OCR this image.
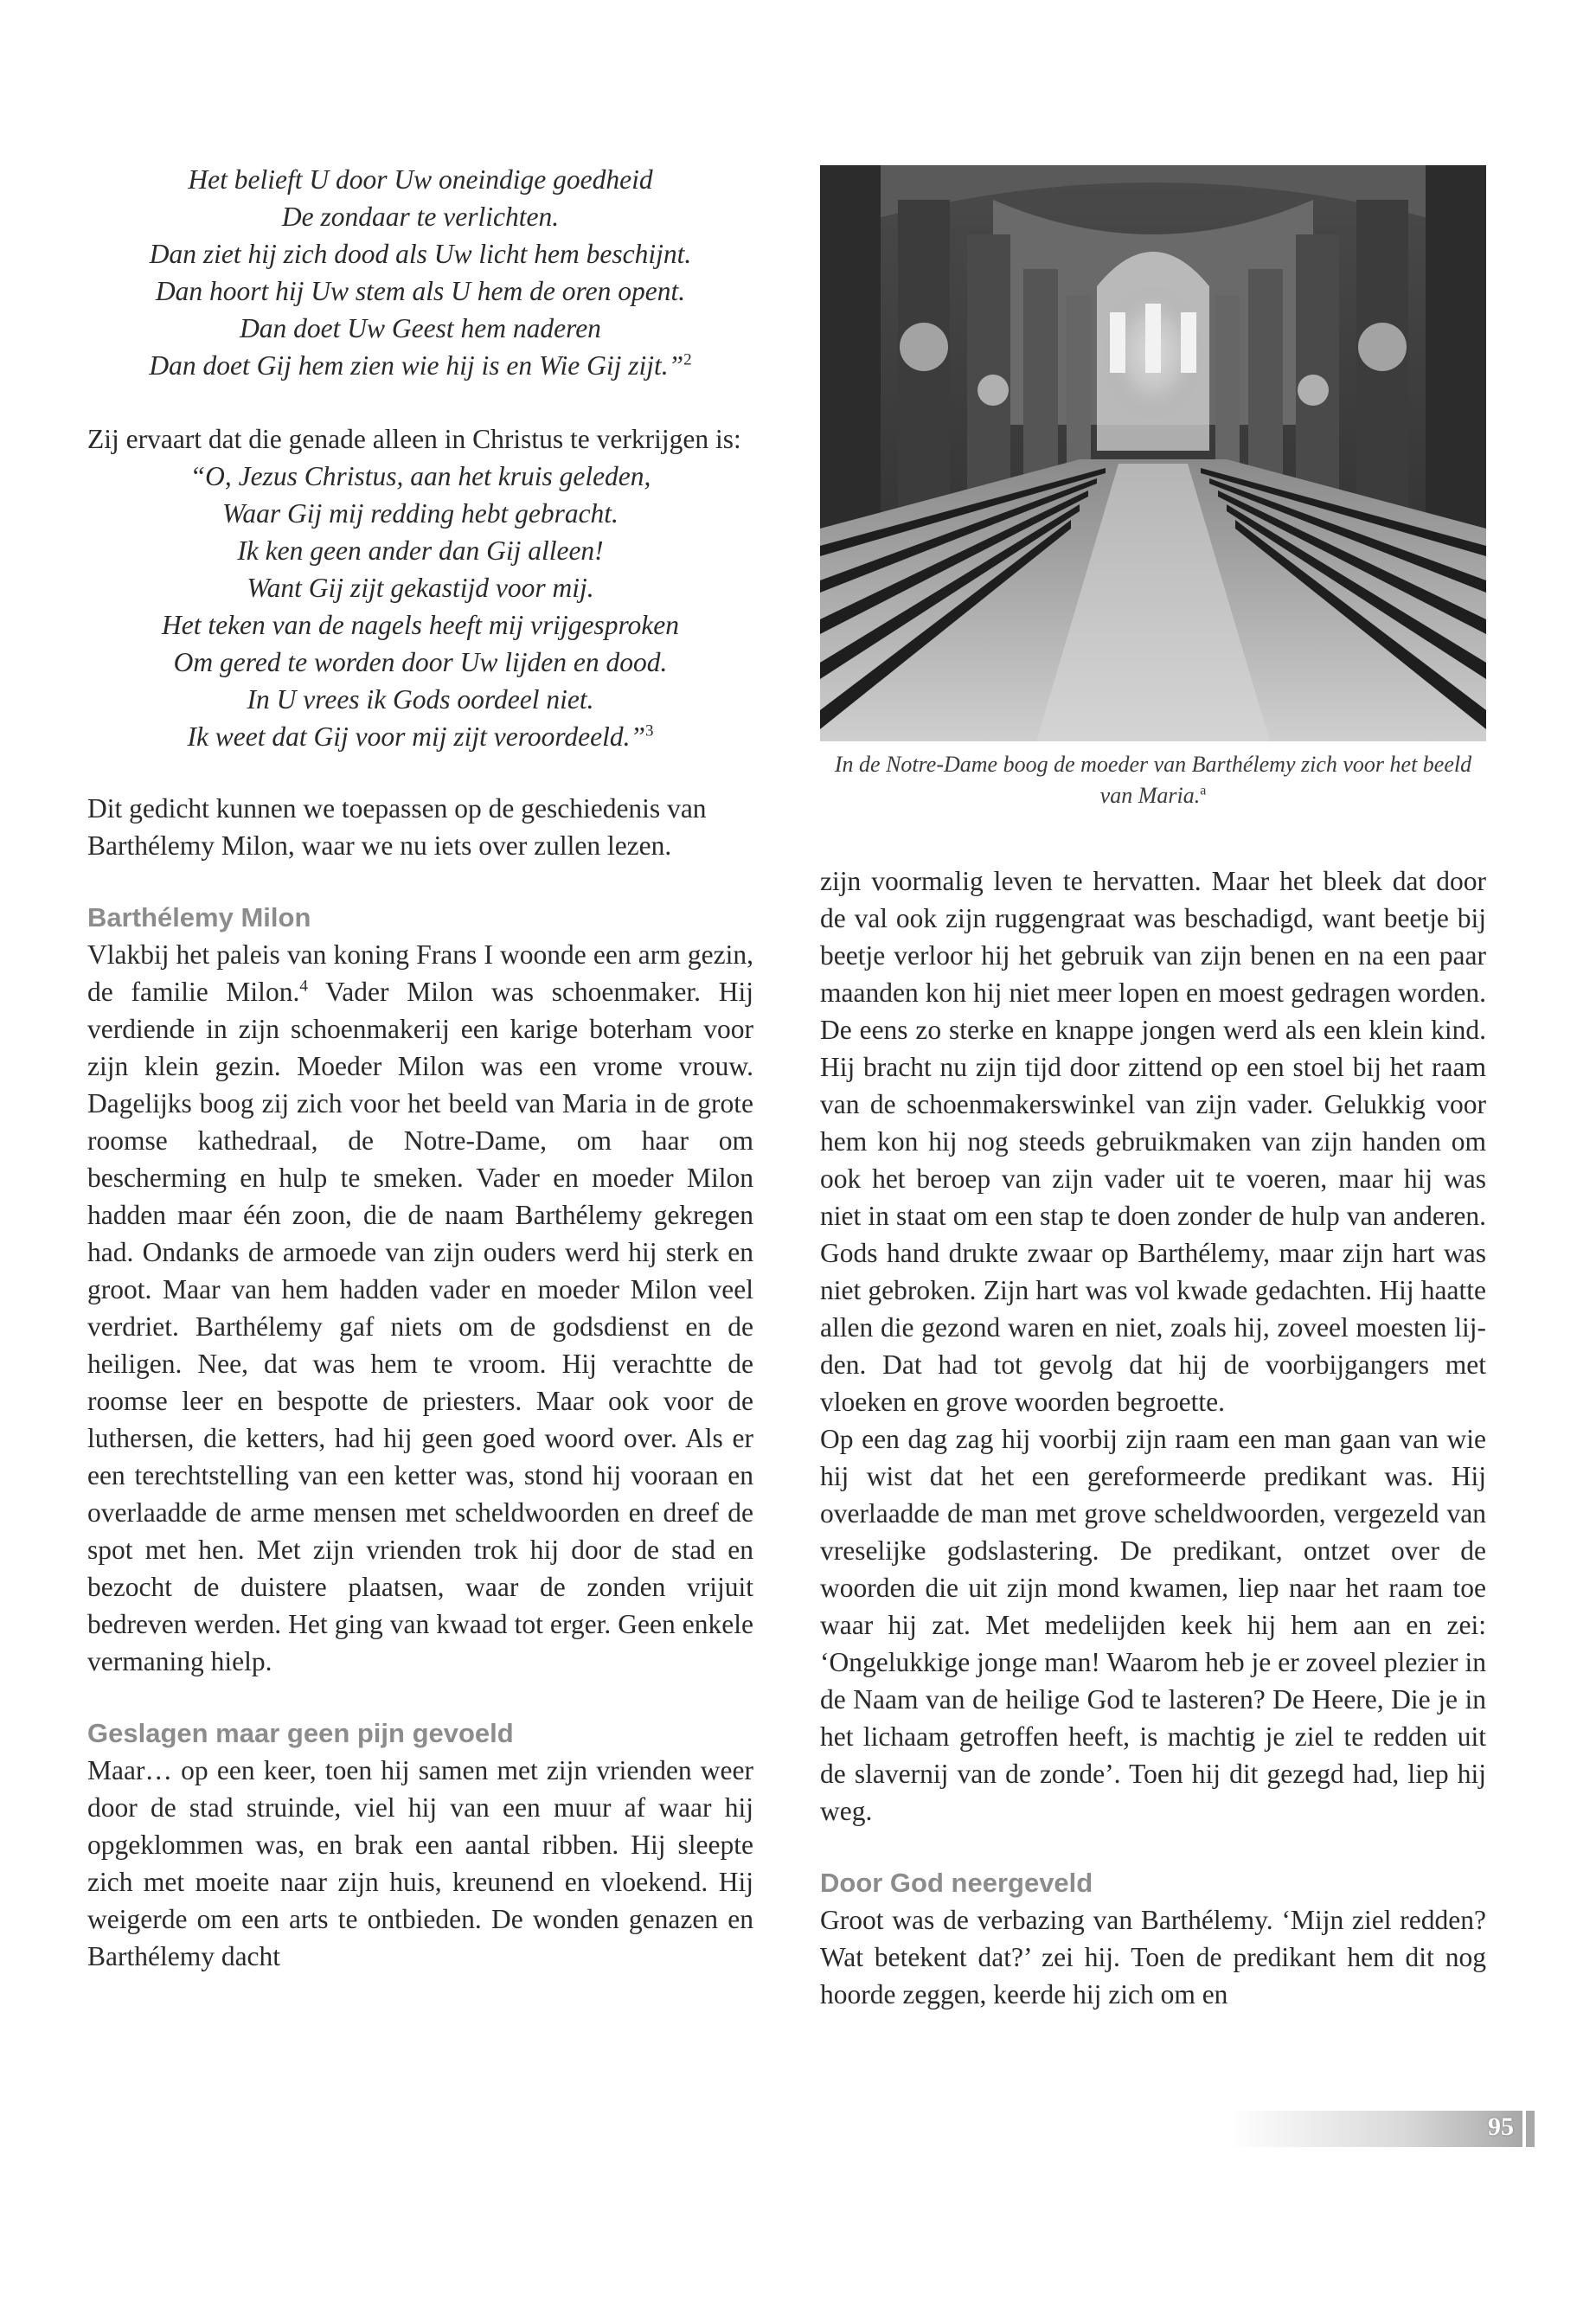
Het belieft U door Uw oneindige goedheid
De zondaar te verlichten.
Dan ziet hij zich dood als Uw licht hem beschijnt.
Dan hoort hij Uw stem als U hem de oren opent.
Dan doet Uw Geest hem naderen
Dan doet Gij hem zien wie hij is en Wie Gij zijt.”$^2$

Zij ervaart dat die genade alleen in Christus te verkrijgen is:

“O, Jezus Christus, aan het kruis geleden,
Waar Gij mij redding hebt gebracht.
Ik ken geen ander dan Gij alleen!
Want Gij zijt gekastijd voor mij.
Het teken van de nagels heeft mij vrijgesproken
Om gered te worden door Uw lijden en dood.
In U vrees ik Gods oordeel niet.
Ik weet dat Gij voor mij zijt veroordeeld.”$^3$

Dit gedicht kunnen we toepassen op de geschiedenis van Barthélemy Milon, waar we nu iets over zullen lezen.

Barthélemy Milon

Vlakbij het paleis van koning Frans I woonde een arm gezin, de familie Milon.$^4$ Vader Milon was schoenmaker. Hij verdiende in zijn schoenmakerij een karige boterham voor zijn klein gezin. Moeder Milon was een vrome vrouw. Dagelijks boog zij zich voor het beeld van Maria in de grote roomse kathedraal, de Notre-Dame, om haar om bescherming en hulp te smeken. Vader en moeder Milon hadden maar één zoon, die de naam Barthélemy gekregen had. Ondanks de armoede van zijn ouders werd hij sterk en groot. Maar van hem hadden vader en moeder Milon veel verdriet. Barthélemy gaf niets om de godsdienst en de heiligen. Nee, dat was hem te vroom. Hij verachtte de roomse leer en bespotte de priesters. Maar ook voor de luthersen, die ketters, had hij geen goed woord over. Als er een terechtstelling van een ketter was, stond hij vooraan en overlaadde de arme mensen met scheldwoorden en dreef de spot met hen. Met zijn vrienden trok hij door de stad en bezocht de duistere plaatsen, waar de zonden vrijuit bedreven werden. Het ging van kwaad tot erger. Geen enkele vermaning hielp.

Geslagen maar geen pijn gevoeld

Maar… op een keer, toen hij samen met zijn vrienden weer door de stad struinde, viel hij van een muur af waar hij opgeklommen was, en brak een aantal ribben. Hij sleepte zich met moeite naar zijn huis, kreunend en vloekend. Hij weigerde om een arts te ontbieden. De wonden genazen en Barthélemy dacht

In de Notre-Dame boog de moeder van Barthélemy zich voor het beeld van Maria.$^a$

zijn voormalig leven te hervatten. Maar het bleek dat door de val ook zijn ruggengraat was beschadigd, want beetje bij beetje verloor hij het gebruik van zijn benen en na een paar maanden kon hij niet meer lopen en moest gedragen worden. De eens zo sterke en knappe jongen werd als een klein kind. Hij bracht nu zijn tijd door zittend op een stoel bij het raam van de schoenmakerswinkel van zijn vader. Gelukkig voor hem kon hij nog steeds gebruikmaken van zijn handen om ook het beroep van zijn vader uit te voeren, maar hij was niet in staat om een stap te doen zonder de hulp van anderen. Gods hand drukte zwaar op Barthélemy, maar zijn hart was niet gebroken. Zijn hart was vol kwade gedachten. Hij haatte allen die gezond waren en niet, zoals hij, zoveel moesten lijden. Dat had tot gevolg dat hij de voorbijgangers met vloeken en grove woorden begroette.

Op een dag zag hij voorbij zijn raam een man gaan van wie hij wist dat het een gereformeerde predikant was. Hij overlaadde de man met grove scheldwoorden, vergezeld van vreselijke godslastering. De predikant, ontzet over de woorden die uit zijn mond kwamen, liep naar het raam toe waar hij zat. Met medelijden keek hij hem aan en zei: ‘Ongelukkige jonge man! Waarom heb je er zoveel plezier in de Naam van de heilige God te lasteren? De Heere, Die je in het lichaam getroffen heeft, is machtig je ziel te redden uit de slavernij van de zonde’. Toen hij dit gezegd had, liep hij weg.

Door God neergeveld

Groot was de verbazing van Barthélemy. ‘Mijn ziel redden? Wat betekent dat?’ zei hij. Toen de predikant hem dit nog hoorde zeggen, keerde hij zich om en

95
